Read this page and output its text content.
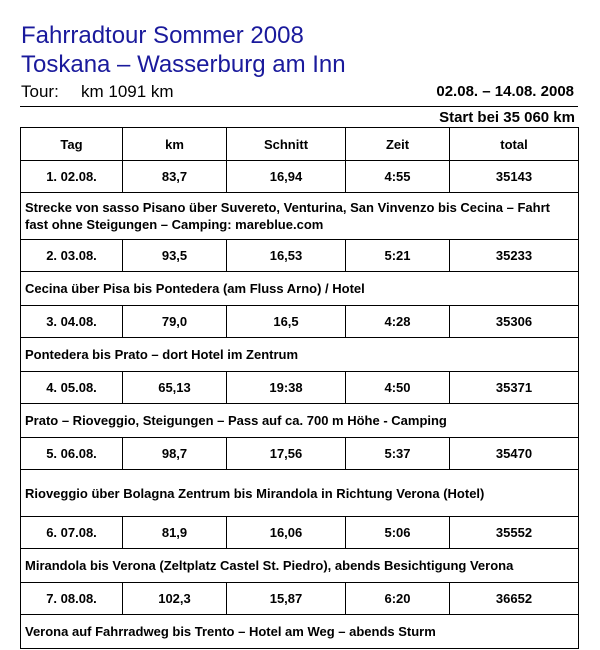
Fahrradtour Sommer 2008
Toskana – Wasserburg am Inn
Tour: km 1091 km	02.08. – 14.08. 2008
Start bei 35 060 km
Tag	km	Schnitt	Zeit	total
1. 02.08.	83,7	16,94	4:55	35143
Strecke von sasso Pisano über Suvereto, Venturina, San Vinvenzo bis Cecina – Fahrt fast ohne Steigungen – Camping: mareblue.com				
2. 03.08.	93,5	16,53	5:21	35233
Cecina über Pisa bis Pontedera (am Fluss Arno) / Hotel				
3. 04.08.	79,0	16,5	4:28	35306
Pontedera bis Prato – dort Hotel im Zentrum				
4. 05.08.	65,13	19:38	4:50	35371
Prato – Rioveggio, Steigungen – Pass auf ca. 700 m Höhe - Camping				
5. 06.08.	98,7	17,56	5:37	35470
Rioveggio über Bolagna Zentrum bis Mirandola in Richtung Verona (Hotel)				
6. 07.08.	81,9	16,06	5:06	35552
Mirandola bis Verona (Zeltplatz Castel St. Piedro), abends Besichtigung Verona				
7. 08.08.	102,3	15,87	6:20	36652
Verona auf Fahrradweg bis Trento – Hotel am Weg – abends Sturm				
